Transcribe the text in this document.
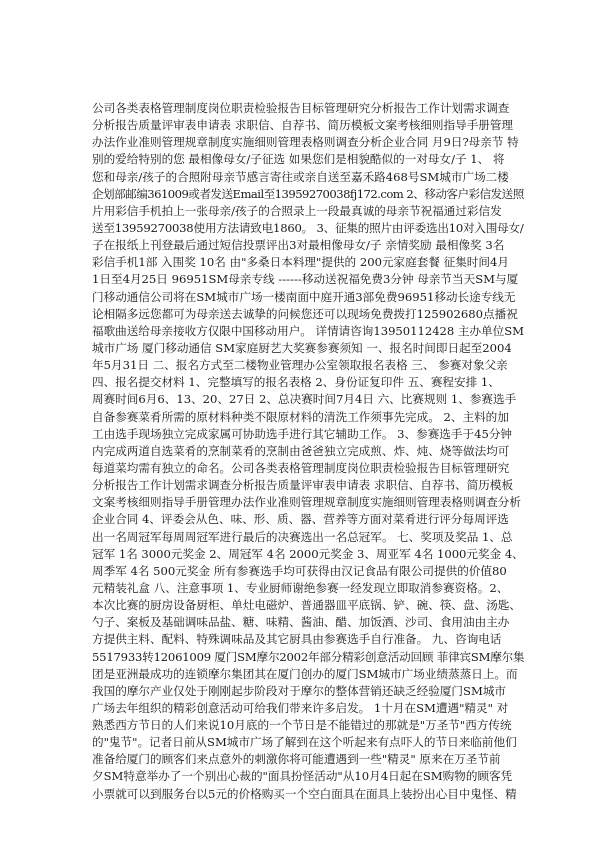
公司各类表格管理制度岗位职责检验报告目标管理研究分析报告工作计划需求调查
分析报告质量评审表申请表 求职信、自荐书、简历模板文案考核细则指导手册管理
办法作业准则管理规章制度实施细则管理表格则调查分析企业合同 月9日?母亲节 特
别的爱给特别的您 最相像母女/子征选 如果您们是相貌酷似的一对母女/子 1、 将
您和母亲/孩子的合照附母亲节感言寄往或亲自送至嘉禾路468号SM城市广场二楼
企划部邮编361009或者发送Email至13959270038fj172.com 2、移动客户彩信发送照
片用彩信手机拍上一张母亲/孩子的合照录上一段最真诚的母亲节祝福通过彩信发
送至13959270038使用方法请致电1860。 3、征集的照片由评委选出10对入围母女/
子在报纸上刊登最后通过短信投票评出3对最相像母女/子 亲情奖励 最相像奖 3名
彩信手机1部 入围奖 10名 由"多桑日本料理"提供的 200元家庭套餐 征集时间4月
1日至4月25日 96951SM母亲专线 ------移动送祝福免费3分钟 母亲节当天SM与厦
门移动通信公司将在SM城市广场一楼南面中庭开通3部免费96951移动长途专线无
论相隔多远您都可为母亲送去诚挚的问候您还可以现场免费拨打125902680点播祝
福歌曲送给母亲接收方仅限中国移动用户。 详情请咨询13950112428 主办单位SM
城市广场 厦门移动通信 SM家庭厨艺大奖赛参赛须知 一、报名时间即日起至2004
年5月31日 二、报名方式至二楼物业管理办公室领取报名表格 三、 参赛对象父亲
四、报名提交材料 1、完整填写的报名表格 2、身份证复印件 五、赛程安排 1、
周赛时间6月6、13、20、27日 2、总决赛时间7月4日 六、比赛规则 1、参赛选手
自备参赛菜肴所需的原材料种类不限原材料的清洗工作须事先完成。 2、主料的加
工由选手现场独立完成家属可协助选手进行其它辅助工作。 3、参赛选手于45分钟
内完成两道自选菜肴的烹制菜肴的烹制由爸爸独立完成煎、炸、炖、烧等做法均可
每道菜均需有独立的命名。公司各类表格管理制度岗位职责检验报告目标管理研究
分析报告工作计划需求调查分析报告质量评审表申请表 求职信、自荐书、简历模板
文案考核细则指导手册管理办法作业准则管理规章制度实施细则管理表格则调查分析
企业合同 4、评委会从色、味、形、质、器、营养等方面对菜肴进行评分每周评选
出一名周冠军每周周冠军进行最后的决赛选出一名总冠军。 七、奖项及奖品 1、总
冠军 1名 3000元奖金 2、周冠军 4名 2000元奖金 3、周亚军 4名 1000元奖金 4、
周季军 4名 500元奖金 所有参赛选手均可获得由汉记食品有限公司提供的价值80
元精装礼盒 八、注意事项 1、专业厨师谢绝参赛一经发现立即取消参赛资格。2、
本次比赛的厨房设备厨柜、单灶电磁炉、普通器皿平底锅、铲、碗、筷、盘、汤匙、
勺子、案板及基础调味品盐、糖、味精、酱油、醋、加饭酒、沙司、食用油由主办
方提供主料、配料、特殊调味品及其它厨具由参赛选手自行准备。 九、咨询电话
5517933转12061009 厦门SM摩尔2002年部分精彩创意活动回顾 菲律宾SM摩尔集
团是亚洲最成功的连锁摩尔集团其在厦门创办的厦门SM城市广场业绩蒸蒸日上。而
我国的摩尔产业仅处于刚刚起步阶段对于摩尔的整体营销还缺乏经验厦门SM城市
广场去年组织的精彩创意活动可给我们带来许多启发。 1十月在SM遭遇"精灵" 对
熟悉西方节日的人们来说10月底的一个节日是不能错过的那就是"万圣节"西方传统
的"鬼节"。记者日前从SM城市广场了解到在这个听起来有点吓人的节日来临前他们
准备给厦门的顾客们来点意外的刺激你将可能遭遇到一些"精灵" 原来在万圣节前
夕SM特意举办了一个别出心裁的"面具扮怪活动"从10月4日起在SM购物的顾客凭
小票就可以到服务台以5元的价格购买一个空白面具在面具上装扮出心目中鬼怪、精
